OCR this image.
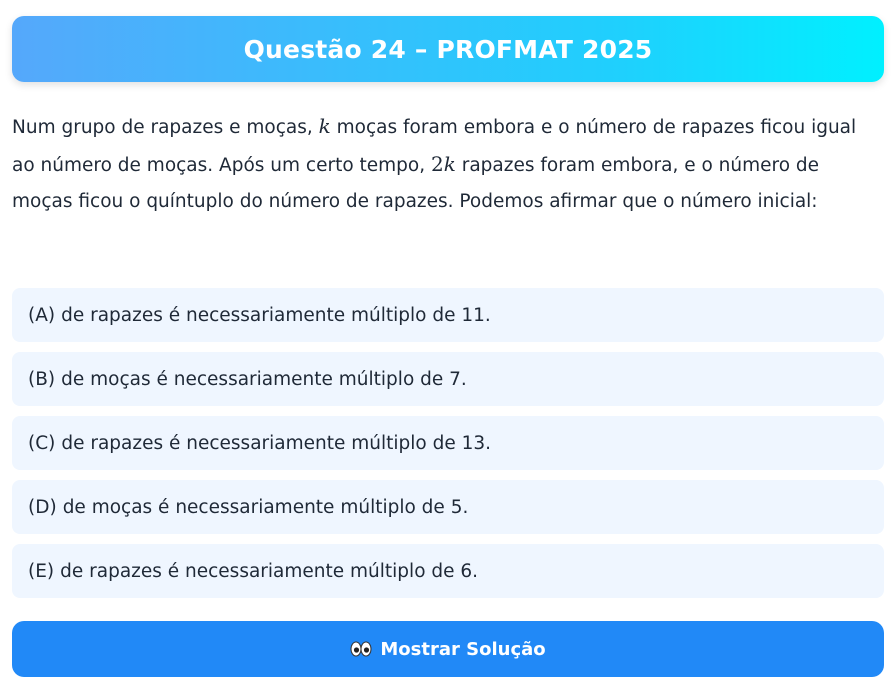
Questão 24 – PROFMAT 2025
Num grupo de rapazes e moças, k moças foram embora e o número de rapazes ficou igual ao número de moças. Após um certo tempo, 2k rapazes foram embora, e o número de moças ficou o quíntuplo do número de rapazes. Podemos afirmar que o número inicial:
(A) de rapazes é necessariamente múltiplo de 11.
(B) de moças é necessariamente múltiplo de 7.
(C) de rapazes é necessariamente múltiplo de 13.
(D) de moças é necessariamente múltiplo de 5.
(E) de rapazes é necessariamente múltiplo de 6.
Mostrar Solução
